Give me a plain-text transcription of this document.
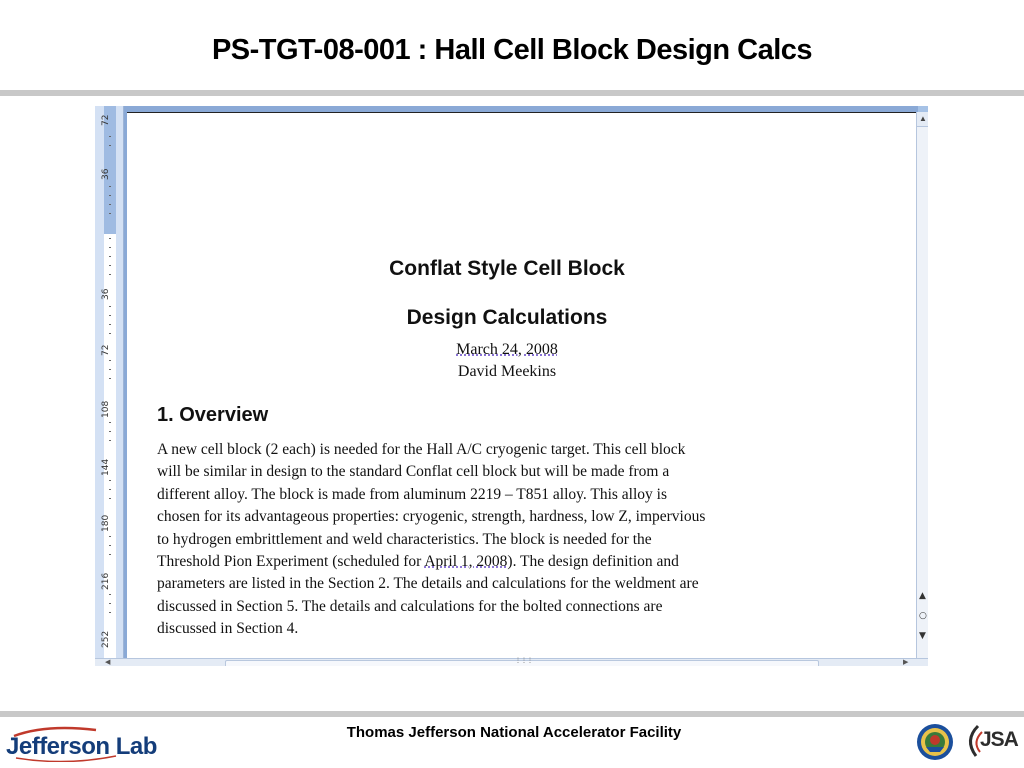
PS-TGT-08-001 : Hall Cell Block Design Calcs
72
36
36
72
108
144
180
216
252
Conflat Style Cell Block
Design Calculations
March 24, 2008
David Meekins
1. Overview
A new cell block (2 each) is needed for the Hall A/C cryogenic target. This cell block
will be similar in design to the standard Conflat cell block but will be made from a
different alloy. The block is made from aluminum 2219 – T851 alloy. This alloy is
chosen for its advantageous properties: cryogenic, strength, hardness, low Z, impervious
to hydrogen embrittlement and weld characteristics. The block is needed for the
Threshold Pion Experiment (scheduled for April 1, 2008). The design definition and
parameters are listed in the Section 2. The details and calculations for the weldment are
discussed in Section 5. The details and calculations for the bolted connections are
discussed in Section 4.
▲
▲
○
▼
◀	⋮⋮⋮	▶
Jefferson Lab
Thomas Jefferson National Accelerator Facility	JSA
